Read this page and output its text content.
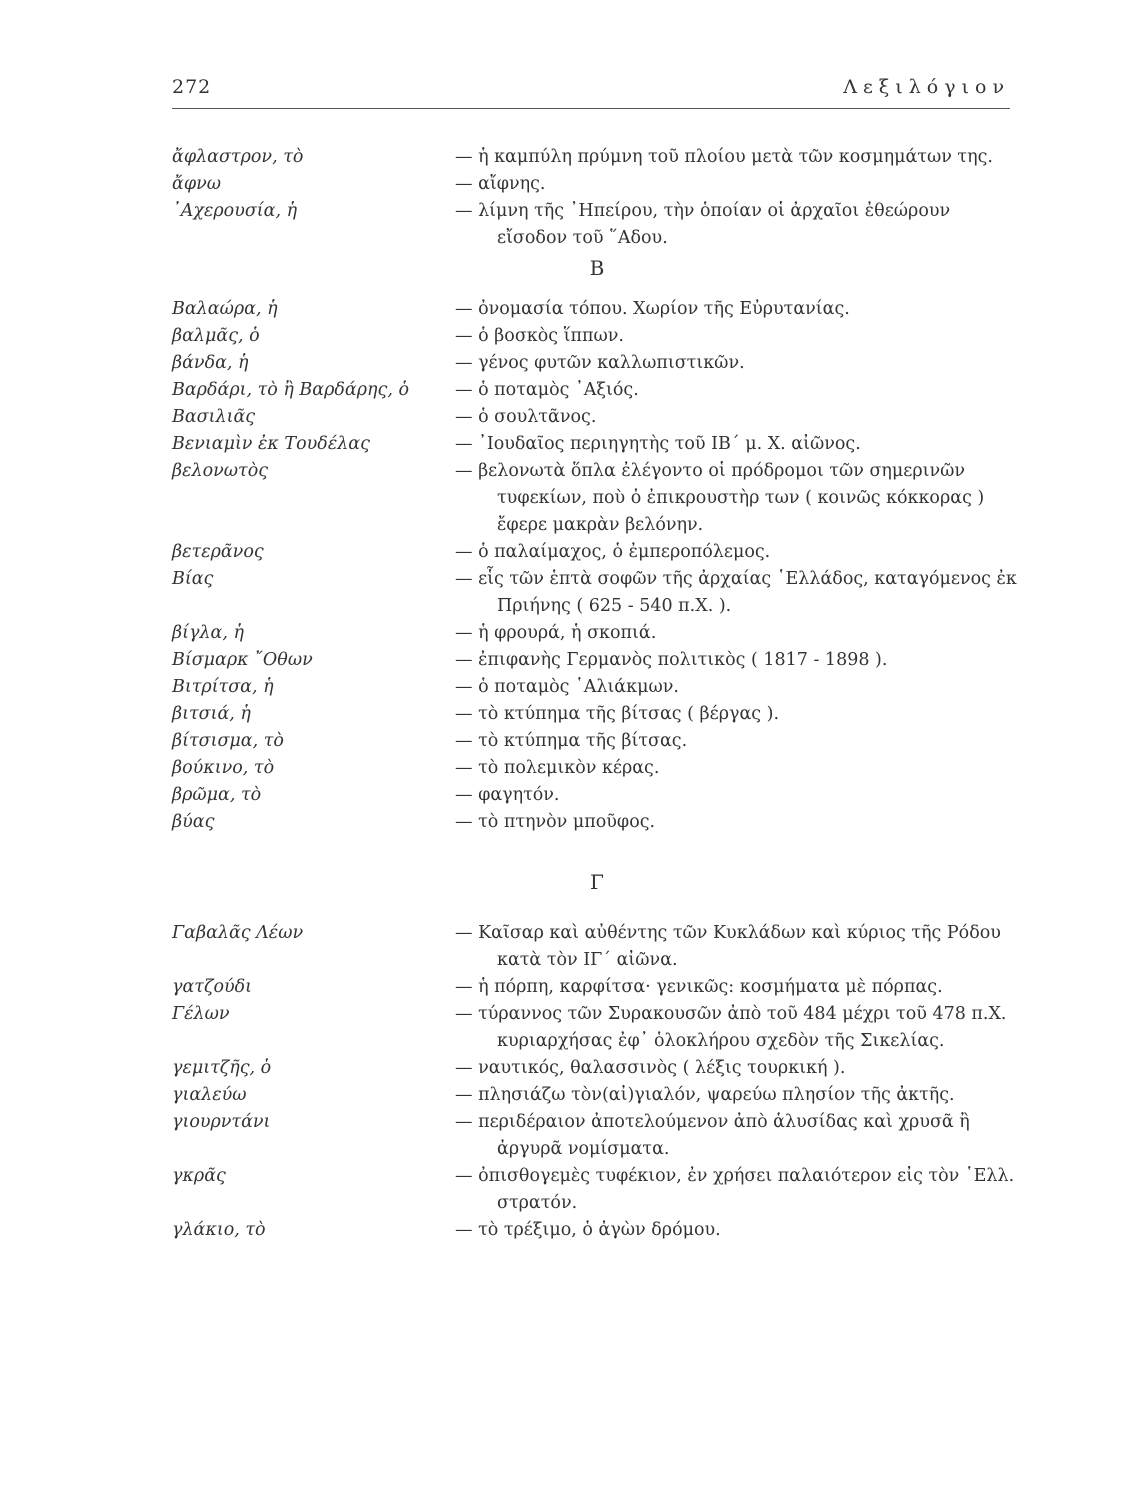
272	Λεξιλόγιον
ἄφλαστρον, τὸ	— ἡ καμπύλη πρύμνη τοῦ πλοίου μετὰ τῶν κοσμημάτων της.
ἄφνω	— αἴφνης.
᾿Αχερουσία, ἡ	— λίμνη τῆς ᾿Ηπείρου, τὴν ὁποίαν οἱ ἀρχαῖοι ἐθεώρουν εἴσοδον τοῦ ῞Αδου.
Β
Βαλαώρα, ἡ	— ὀνομασία τόπου. Χωρίον τῆς Εὐρυτανίας.
βαλμᾶς, ὁ	— ὁ βοσκὸς ἵππων.
βάνδα, ἡ	— γένος φυτῶν καλλωπιστικῶν.
Βαρδάρι, τὸ ἢ Βαρδάρης, ὁ	— ὁ ποταμὸς ᾿Αξιός.
Βασιλιᾶς	— ὁ σουλτᾶνος.
Βενιαμὶν ἐκ Τουδέλας	— ᾿Ιουδαῖος περιηγητὴς τοῦ ΙΒ΄ μ. Χ. αἰῶνος.
βελονωτὸς	— βελονωτὰ ὅπλα ἐλέγοντο οἱ πρόδρομοι τῶν σημερινῶν τυφεκίων, ποὺ ὁ ἐπικρουστὴρ των ( κοινῶς κόκκορας ) ἔφερε μακρὰν βελόνην.
βετερᾶνος	— ὁ παλαίμαχος, ὁ ἐμπεροπόλεμος.
Βίας	— εἷς τῶν ἑπτὰ σοφῶν τῆς ἀρχαίας ῾Ελλάδος, καταγόμενος ἐκ Πριήνης ( 625 - 540 π.Χ. ).
βίγλα, ἡ	— ἡ φρουρά, ἡ σκοπιά.
Βίσμαρκ ῎Οθων	— ἐπιφανὴς Γερμανὸς πολιτικὸς ( 1817 - 1898 ).
Βιτρίτσα, ἡ	— ὁ ποταμὸς ῾Αλιάκμων.
βιτσιά, ἡ	— τὸ κτύπημα τῆς βίτσας ( βέργας ).
βίτσισμα, τὸ	— τὸ κτύπημα τῆς βίτσας.
βούκινο, τὸ	— τὸ πολεμικὸν κέρας.
βρῶμα, τὸ	— φαγητόν.
βύας	— τὸ πτηνὸν μποῦφος.
Γ
Γαβαλᾶς Λέων	— Καῖσαρ καὶ αὐθέντης τῶν Κυκλάδων καὶ κύριος τῆς Ρόδου κατὰ τὸν ΙΓ΄ αἰῶνα.
γατζούδι	— ἡ πόρπη, καρφίτσα· γενικῶς: κοσμήματα μὲ πόρπας.
Γέλων	— τύραννος τῶν Συρακουσῶν ἀπὸ τοῦ 484 μέχρι τοῦ 478 π.Χ. κυριαρχήσας ἐφ᾿ ὁλοκλήρου σχεδὸν τῆς Σικελίας.
γεμιτζῆς, ὁ	— ναυτικός, θαλασσινὸς ( λέξις τουρκική ).
γιαλεύω	— πλησιάζω τὸν(αἰ)γιαλόν, ψαρεύω πλησίον τῆς ἀκτῆς.
γιουρντάνι	— περιδέραιον ἀποτελούμενον ἀπὸ ἁλυσίδας καὶ χρυσᾶ ἢ ἀργυρᾶ νομίσματα.
γκρᾶς	— ὀπισθογεμὲς τυφέκιον, ἐν χρήσει παλαιότερον εἰς τὸν ῾Ελλ. στρατόν.
γλάκιο, τὸ	— τὸ τρέξιμο, ὁ ἀγὼν δρόμου.
